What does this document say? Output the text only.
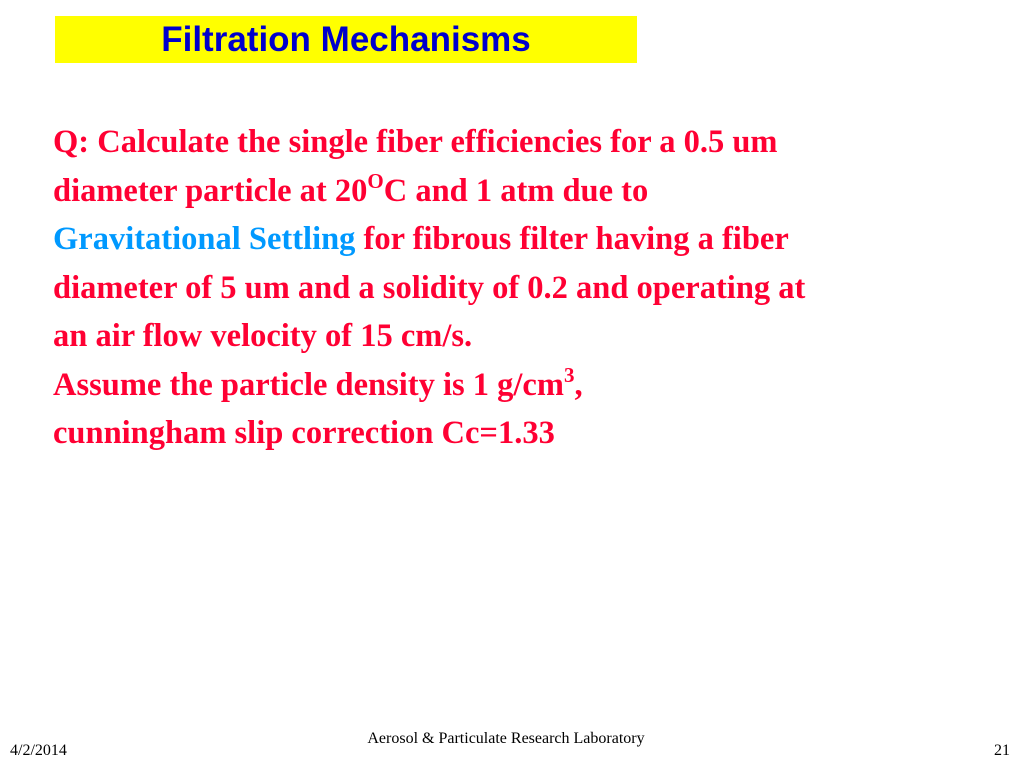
Filtration Mechanisms
Q: Calculate the single fiber efficiencies for a 0.5 um
diameter particle at $20^OC$ and 1 atm due to
Gravitational Settling for fibrous filter having a fiber
diameter of 5 um and a solidity of 0.2 and operating at
an air flow velocity of 15 cm/s.
Assume the particle density is 1 $g/cm^3$,
cunningham slip correction Cc=1.33
Aerosol & Particulate Research Laboratory
4/2/2014	21
